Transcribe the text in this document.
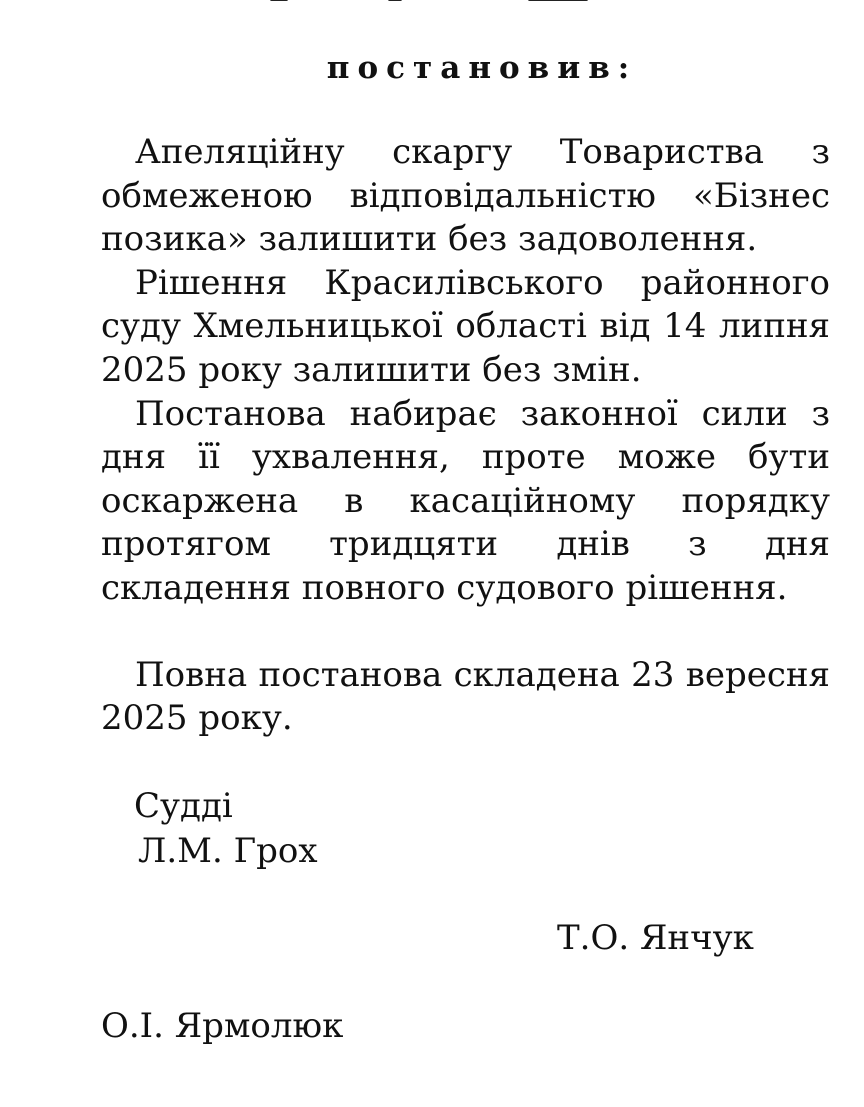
постановив:

Апеляційну скаргу Товариства з обмеженою відповідальністю «Бізнес позика» залишити без задоволення.

Рішення Красилівського районного суду Хмельницької області від 14 липня 2025 року залишити без змін.

Постанова набирає законної сили з дня її ухвалення, проте може бути оскаржена в касаційному порядку протягом тридцяти днів з дня складення повного судового рішення.

Повна постанова складена 23 вересня 2025 року.

Судді
Л.М. Грох
Т.О. Янчук
О.І. Ярмолюк
